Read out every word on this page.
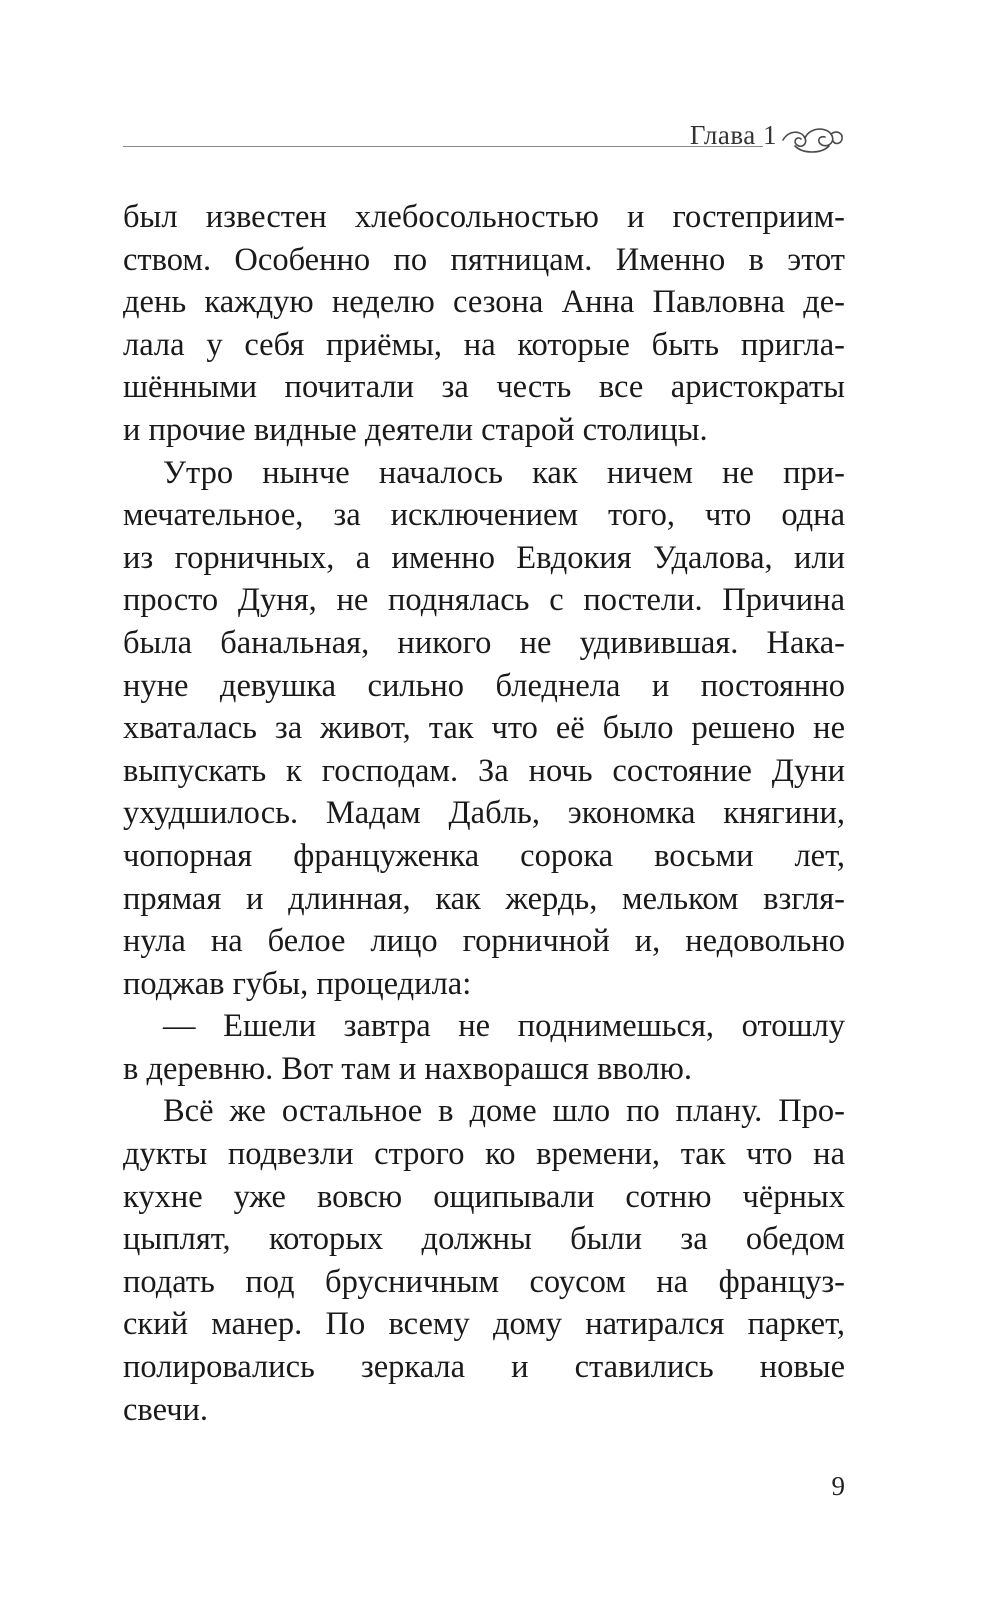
Глава 1
был известен хлебосольностью и гостеприим-
ством. Особенно по пятницам. Именно в этот
день каждую неделю сезона Анна Павловна де-
лала у себя приёмы, на которые быть пригла-
шёнными почитали за честь все аристократы
и прочие видные деятели старой столицы.
Утро нынче началось как ничем не при-
мечательное, за исключением того, что одна
из горничных, а именно Евдокия Удалова, или
просто Дуня, не поднялась с постели. Причина
была банальная, никого не удивившая. Нака-
нуне девушка сильно бледнела и постоянно
хваталась за живот, так что её было решено не
выпускать к господам. За ночь состояние Дуни
ухудшилось. Мадам Дабль, экономка княгини,
чопорная француженка сорока восьми лет,
прямая и длинная, как жердь, мельком взгля-
нула на белое лицо горничной и, недовольно
поджав губы, процедила:
— Ешели завтра не поднимешься, отошлу
в деревню. Вот там и нахворашся вволю.
Всё же остальное в доме шло по плану. Про-
дукты подвезли строго ко времени, так что на
кухне уже вовсю ощипывали сотню чёрных
цыплят, которых должны были за обедом
подать под брусничным соусом на француз-
ский манер. По всему дому натирался паркет,
полировались зеркала и ставились новые
свечи.
9
